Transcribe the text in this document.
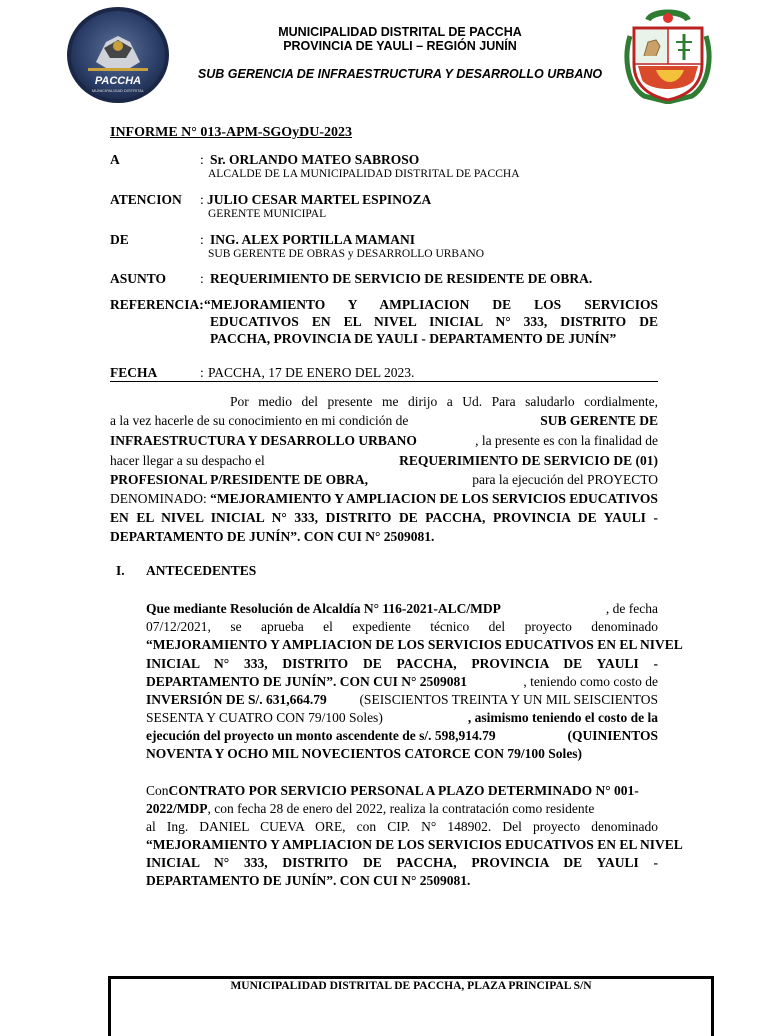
PACCHA
MUNICIPALIDAD DISTRITAL
MUNICIPALIDAD DISTRITAL DE PACCHA
PROVINCIA DE YAULI – REGIÓN JUNÍN
SUB GERENCIA DE INFRAESTRUCTURA Y DESARROLLO URBANO
INFORME N° 013-APM-SGOyDU-2023
A	: Sr. ORLANDO MATEO SABROSO
ALCALDE DE LA MUNICIPALIDAD DISTRITAL DE PACCHA
ATENCION : JULIO CESAR MARTEL ESPINOZA
GERENTE MUNICIPAL
DE	: ING. ALEX PORTILLA MAMANI
SUB GERENTE DE OBRAS y DESARROLLO URBANO
ASUNTO	: REQUERIMIENTO DE SERVICIO DE RESIDENTE DE OBRA.
REFERENCIA: “MEJORAMIENTO Y AMPLIACION DE LOS SERVICIOS
EDUCATIVOS EN EL NIVEL INICIAL N° 333, DISTRITO DE
PACCHA, PROVINCIA DE YAULI - DEPARTAMENTO DE JUNÍN”
FECHA	: PACCHA, 17 DE ENERO DEL 2023.
Por medio del presente me dirijo a Ud. Para saludarlo cordialmente,
a la vez hacerle de su conocimiento en mi condición de	SUB GERENTE DE
INFRAESTRUCTURA Y DESARROLLO URBANO	, la presente es con la finalidad de
hacer llegar a su despacho el	REQUERIMIENTO DE SERVICIO DE (01)
PROFESIONAL P/RESIDENTE DE OBRA,	para la ejecución del PROYECTO
DENOMINADO: “MEJORAMIENTO Y AMPLIACION DE LOS SERVICIOS EDUCATIVOS
EN EL NIVEL INICIAL N° 333, DISTRITO DE PACCHA, PROVINCIA DE YAULI -
DEPARTAMENTO DE JUNÍN”. CON CUI N° 2509081.
I. ANTECEDENTES
Que mediante Resolución de Alcaldía N° 116-2021-ALC/MDP	, de fecha
07/12/2021, se aprueba el expediente técnico del proyecto denominado
“MEJORAMIENTO Y AMPLIACION DE LOS SERVICIOS EDUCATIVOS EN EL NIVEL
INICIAL N° 333, DISTRITO DE PACCHA, PROVINCIA DE YAULI -
DEPARTAMENTO DE JUNÍN”. CON CUI N° 2509081	, teniendo como costo de
INVERSIÓN DE S/. 631,664.79 (SEISCIENTOS TREINTA Y UN MIL SEISCIENTOS
SESENTA Y CUATRO CON 79/100 Soles)	, asimismo teniendo el costo de la
ejecución del proyecto un monto ascendente de s/. 598,914.79	(QUINIENTOS
NOVENTA Y OCHO MIL NOVECIENTOS CATORCE CON 79/100 Soles)
Con CONTRATO POR SERVICIO PERSONAL A PLAZO DETERMINADO N° 001-
2022/MDP, con fecha 28 de enero del 2022, realiza la contratación como residente
al Ing. DANIEL CUEVA ORE, con CIP. N° 148902. Del proyecto denominado
“MEJORAMIENTO Y AMPLIACION DE LOS SERVICIOS EDUCATIVOS EN EL NIVEL
INICIAL N° 333, DISTRITO DE PACCHA, PROVINCIA DE YAULI -
DEPARTAMENTO DE JUNÍN”. CON CUI N° 2509081.
MUNICIPALIDAD DISTRITAL DE PACCHA, PLAZA PRINCIPAL S/N
